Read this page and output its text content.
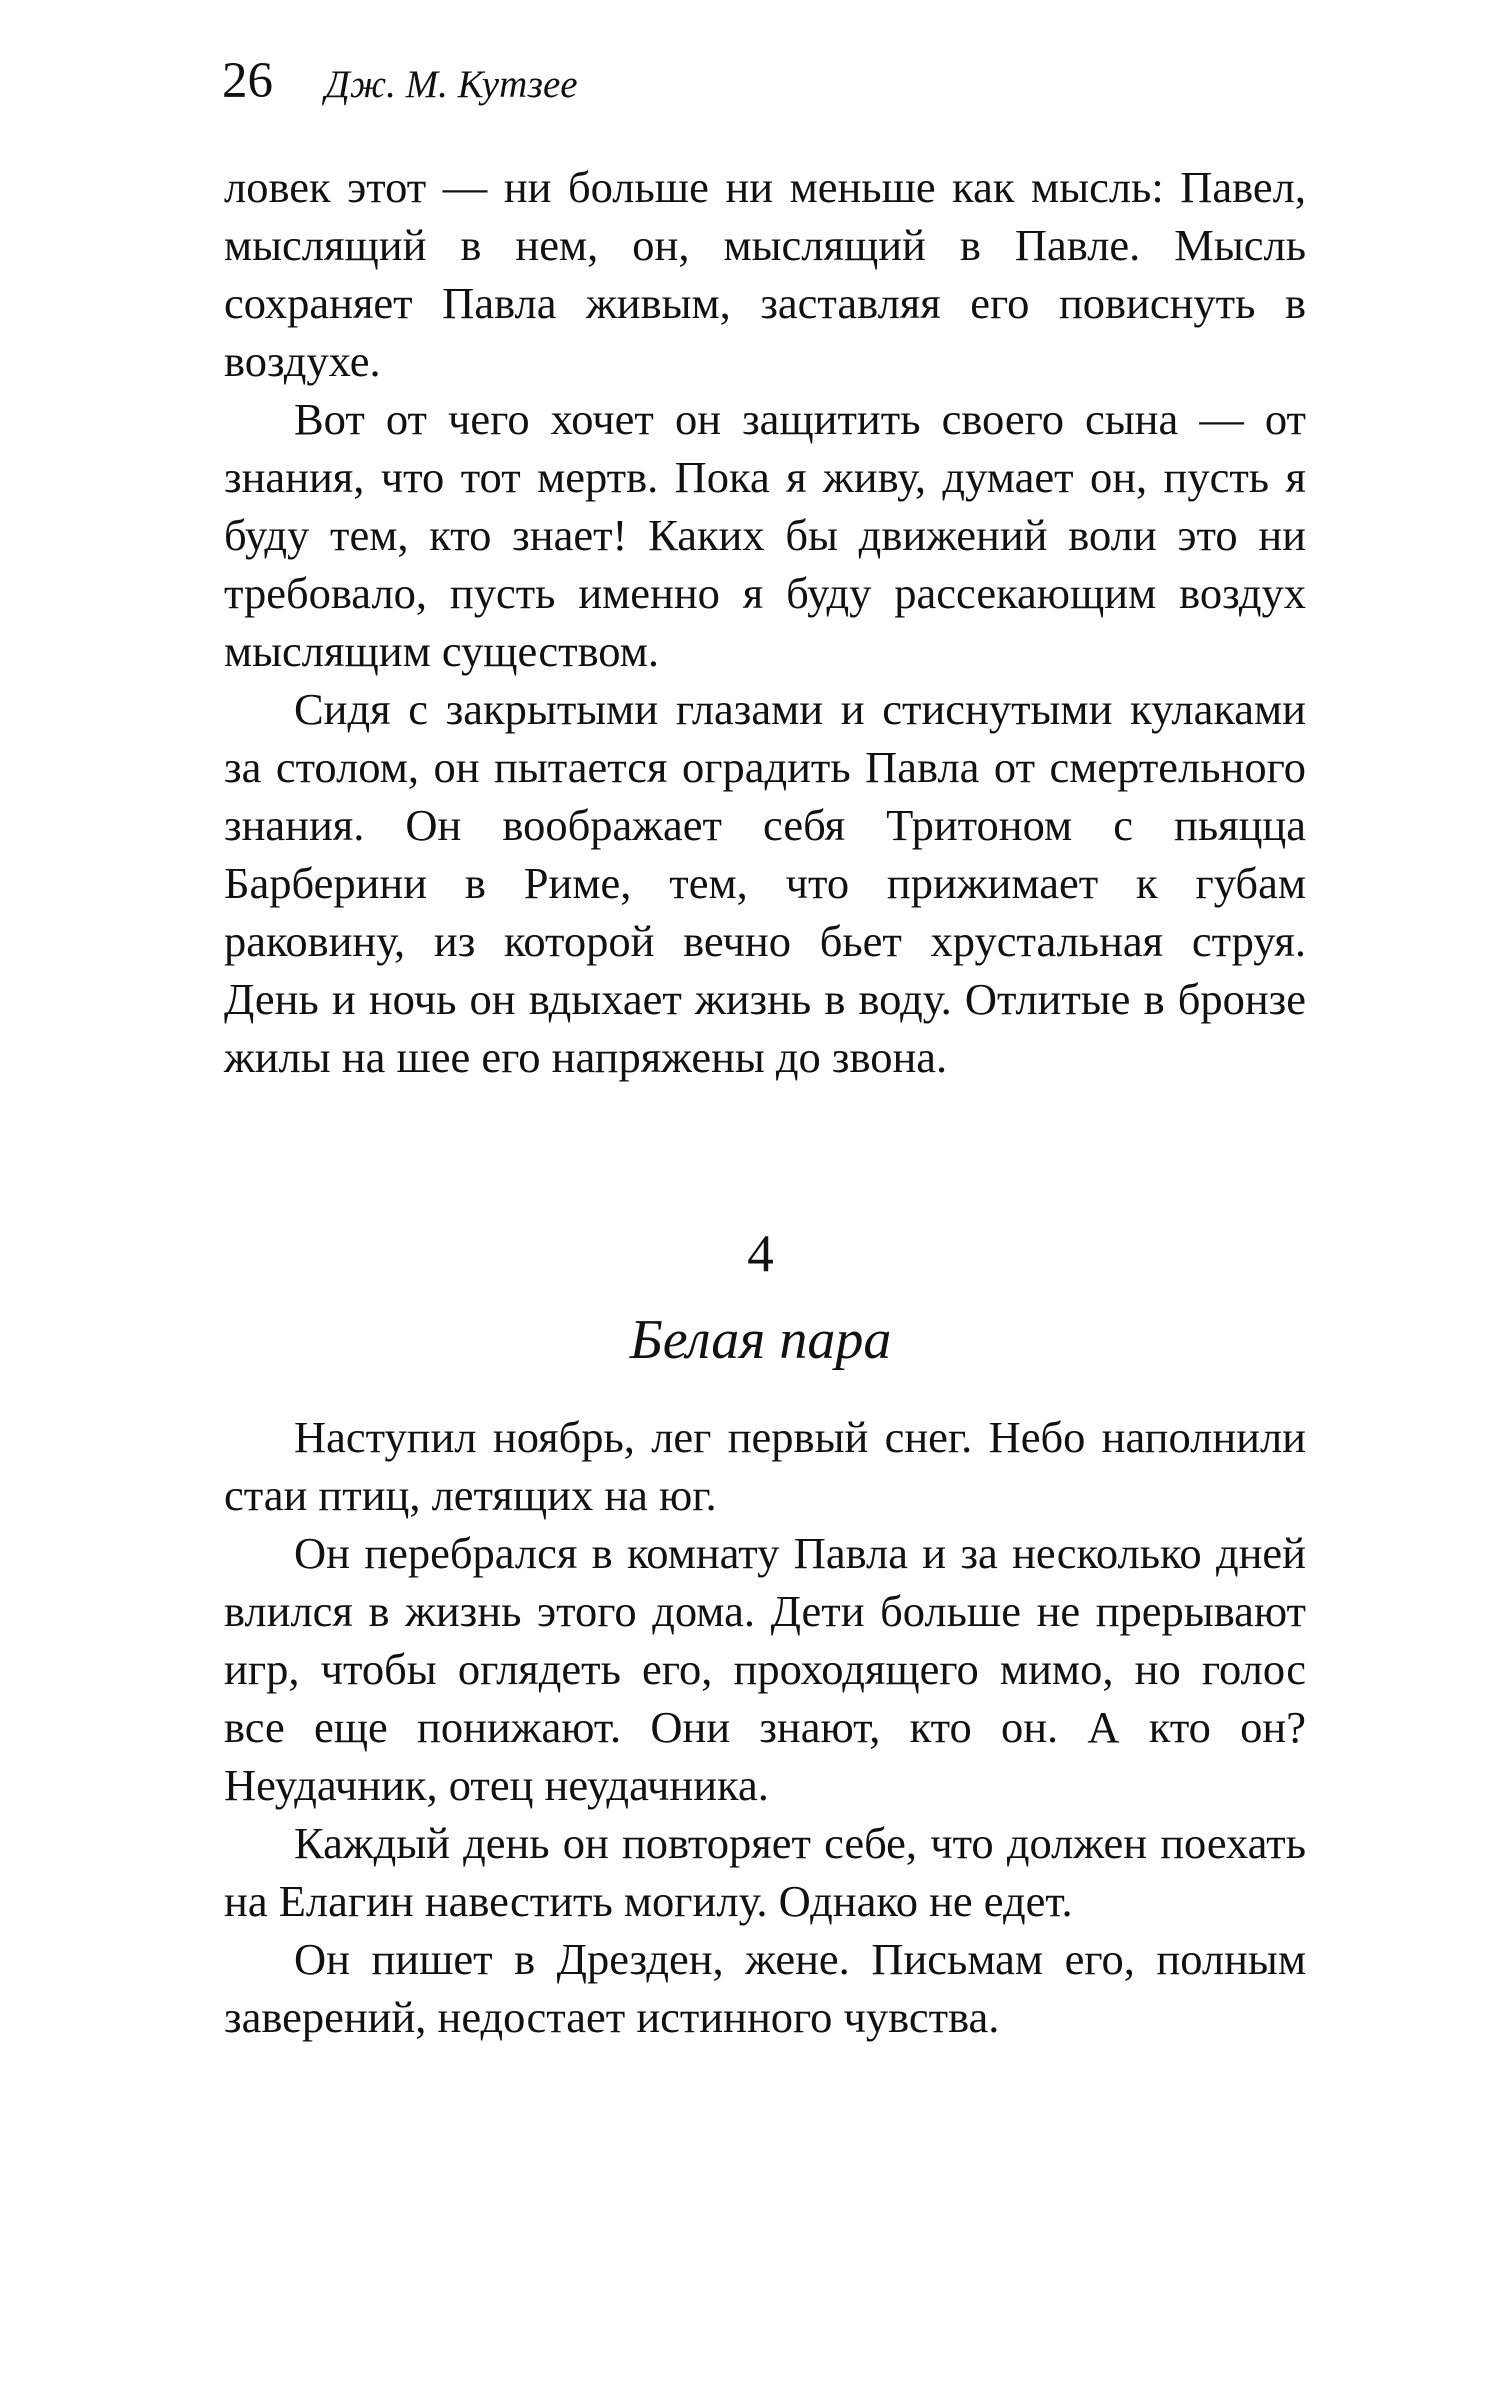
26 Дж. М. Кутзее

ловек этот — ни больше ни меньше как мысль: Павел, мыслящий в нем, он, мыслящий в Павле. Мысль сохраняет Павла живым, заставляя его повиснуть в воздухе.

Вот от чего хочет он защитить своего сына — от знания, что тот мертв. Пока я живу, думает он, пусть я буду тем, кто знает! Каких бы движений воли это ни требовало, пусть именно я буду рассекающим воздух мыслящим существом.

Сидя с закрытыми глазами и стиснутыми кулаками за столом, он пытается оградить Павла от смертельного знания. Он воображает себя Тритоном с пьяцца Барберини в Риме, тем, что прижимает к губам раковину, из которой вечно бьет хрустальная струя. День и ночь он вдыхает жизнь в воду. Отлитые в бронзе жилы на шее его напряжены до звона.

4
Белая пара

Наступил ноябрь, лег первый снег. Небо наполнили стаи птиц, летящих на юг.

Он перебрался в комнату Павла и за несколько дней влился в жизнь этого дома. Дети больше не прерывают игр, чтобы оглядеть его, проходящего мимо, но голос все еще понижают. Они знают, кто он. А кто он? Неудачник, отец неудачника.

Каждый день он повторяет себе, что должен поехать на Елагин навестить могилу. Однако не едет.

Он пишет в Дрезден, жене. Письмам его, полным заверений, недостает истинного чувства.
